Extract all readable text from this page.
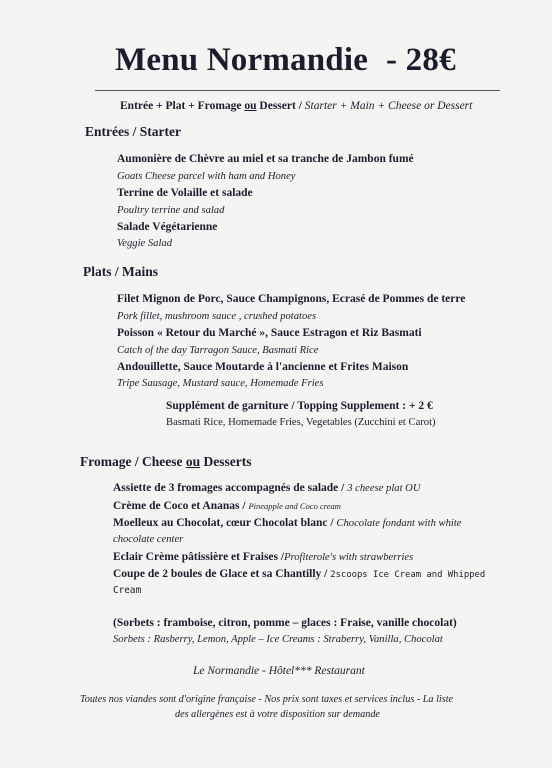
Menu Normandie - 28€
Entrée + Plat + Fromage ou Dessert / Starter + Main + Cheese or Dessert
Entrées / Starter
Aumonière de Chèvre au miel et sa tranche de Jambon fumé
Goats Cheese parcel with ham and Honey
Terrine de Volaille et salade
Poultry terrine and salad
Salade Végétarienne
Veggie Salad
Plats / Mains
Filet Mignon de Porc, Sauce Champignons, Ecrasé de Pommes de terre
Pork fillet, mushroom sauce , crushed potatoes
Poisson « Retour du Marché », Sauce Estragon et Riz Basmati
Catch of the day Tarragon Sauce, Basmati Rice
Andouillette, Sauce Moutarde à l'ancienne et Frites Maison
Tripe Sausage, Mustard sauce, Homemade Fries
Supplément de garniture / Topping Supplement : + 2 €
Basmati Rice, Homemade Fries, Vegetables (Zucchini et Carot)
Fromage / Cheese ou Desserts
Assiette de 3 fromages accompagnés de salade / 3 cheese plat OU
Crème de Coco et Ananas / Pineapple and Coco cream
Moelleux au Chocolat, cœur Chocolat blanc / Chocolate fondant with white
chocolate center
Eclair Crème pâtissière et Fraises /Profiterole's with strawberries
Coupe de 2 boules de Glace et sa Chantilly / 2scoops Ice Cream and Whipped
Cream
(Sorbets : framboise, citron, pomme – glaces : Fraise, vanille chocolat)
Sorbets : Rasberry, Lemon, Apple – Ice Creams : Straberry, Vanilla, Chocolat
Le Normandie - Hôtel*** Restaurant
Toutes nos viandes sont d'origine française - Nos prix sont taxes et services inclus - La liste
des allergènes est à votre disposition sur demande
